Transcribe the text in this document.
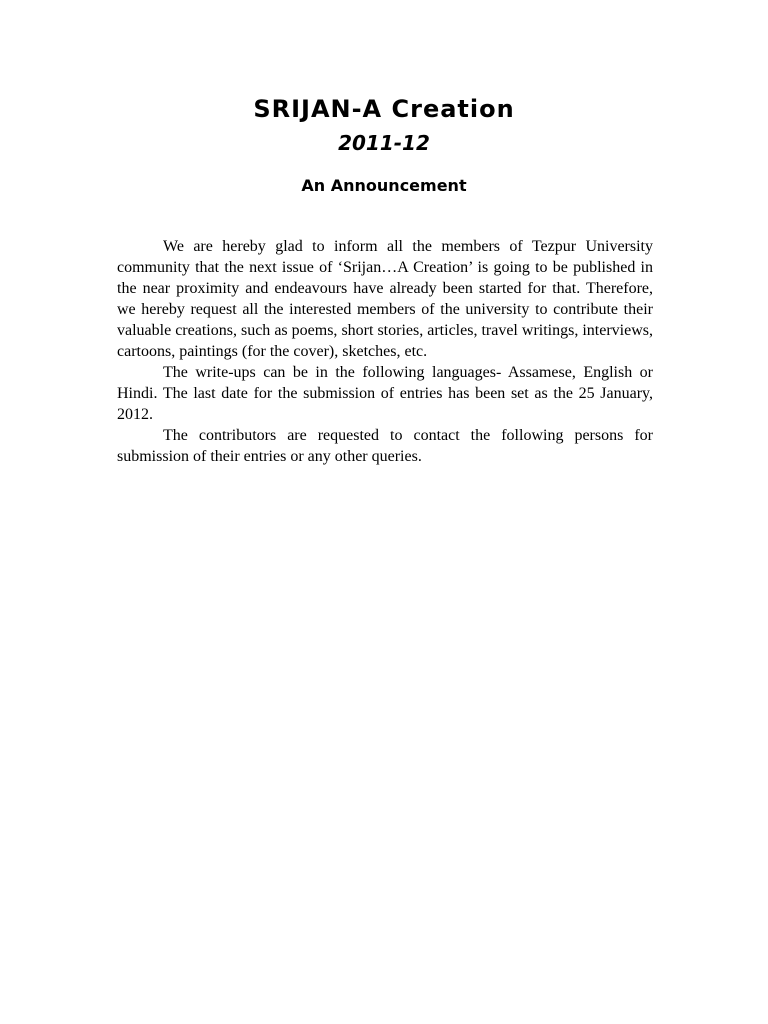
SRIJAN-A Creation
2011-12
An Announcement

We are hereby glad to inform all the members of Tezpur University community that the next issue of ‘Srijan…A Creation’ is going to be published in the near proximity and endeavours have already been started for that. Therefore, we hereby request all the interested members of the university to contribute their valuable creations, such as poems, short stories, articles, travel writings, interviews, cartoons, paintings (for the cover), sketches, etc.

The write-ups can be in the following languages- Assamese, English or Hindi. The last date for the submission of entries has been set as the 25 January, 2012.

The contributors are requested to contact the following persons for submission of their entries or any other queries.
